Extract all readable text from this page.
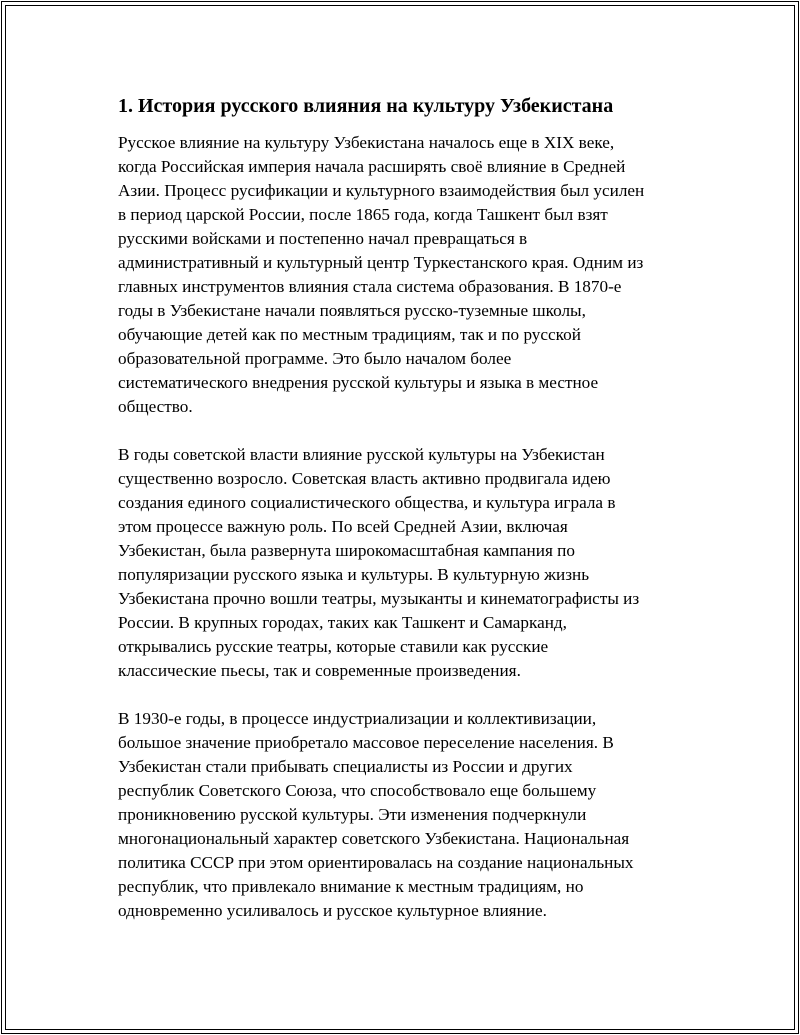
1. История русского влияния на культуру Узбекистана
Русское влияние на культуру Узбекистана началось еще в XIX веке,
когда Российская империя начала расширять своё влияние в Средней
Азии. Процесс русификации и культурного взаимодействия был усилен
в период царской России, после 1865 года, когда Ташкент был взят
русскими войсками и постепенно начал превращаться в
административный и культурный центр Туркестанского края. Одним из
главных инструментов влияния стала система образования. В 1870-е
годы в Узбекистане начали появляться русско-туземные школы,
обучающие детей как по местным традициям, так и по русской
образовательной программе. Это было началом более
систематического внедрения русской культуры и языка в местное
общество.
В годы советской власти влияние русской культуры на Узбекистан
существенно возросло. Советская власть активно продвигала идею
создания единого социалистического общества, и культура играла в
этом процессе важную роль. По всей Средней Азии, включая
Узбекистан, была развернута широкомасштабная кампания по
популяризации русского языка и культуры. В культурную жизнь
Узбекистана прочно вошли театры, музыканты и кинематографисты из
России. В крупных городах, таких как Ташкент и Самарканд,
открывались русские театры, которые ставили как русские
классические пьесы, так и современные произведения.
В 1930-е годы, в процессе индустриализации и коллективизации,
большое значение приобретало массовое переселение населения. В
Узбекистан стали прибывать специалисты из России и других
республик Советского Союза, что способствовало еще большему
проникновению русской культуры. Эти изменения подчеркнули
многонациональный характер советского Узбекистана. Национальная
политика СССР при этом ориентировалась на создание национальных
республик, что привлекало внимание к местным традициям, но
одновременно усиливалось и русское культурное влияние.
